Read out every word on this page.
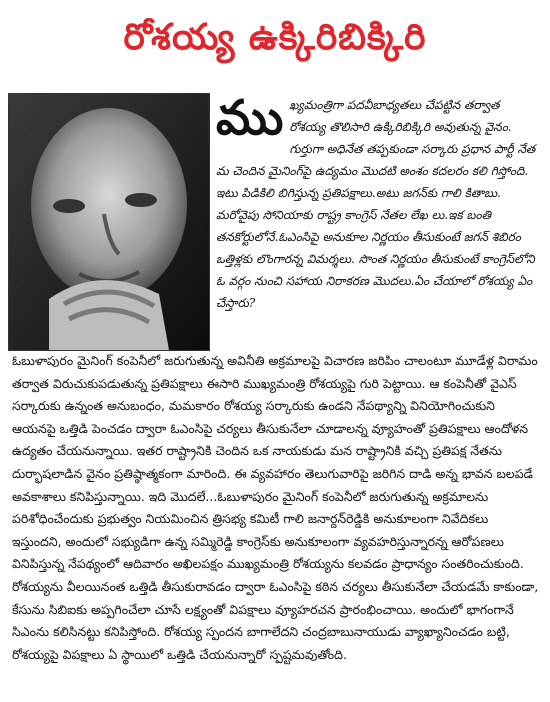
రోశయ్య ఉక్కిరిబిక్కిరి
ము ఖ్యమంత్రిగా పదవీబాధ్యతలు చేపట్టిన తర్వాత రోశయ్య తొలిసారి ఉక్కిరిబిక్కిరి అవుతున్న వైనం. గుర్తుగా అధినేత తప్పకుండా సర్కారు ప్రధాన పార్టీ నేత మ చెందిన మైనింగ్‌పై ఉద్యమం మొదటి అంశం కదలరం కలి గిస్తోంది. ఇటు పిడికిలి బిగిస్తున్న ప్రతిపక్షాలు.అటు జగన్‌కు గాలి కితాబు. మరోవైపు సోనియాకు రాష్ట్ర కాంగ్రెస్ నేతల లేఖ లు.ఇక బంతి తనకోర్టులోనే.ఓఎంసిపై అనుకూల నిర్ణయం తీసుకుంటే జగన్ శిబిరం ఒత్తిళ్లకు లొంగారన్న విమర్శలు. సొంత నిర్ణయం తీసుకుంటే కాంగ్రెస్‌లోని ఓ వర్గం నుంచి సహాయ నిరాకరణ మొదలు.ఏం చేయాలో రోశయ్య ఏం చేస్తారు?

ఓబుళాపురం మైనింగ్ కంపెనీలో జరుగుతున్న అవినీతి అక్రమాలపై విచారణ జరిపిం చాలంటూ మూడేళ్ల విరామం తర్వాత విరుచుకుపడుతున్న ప్రతిపక్షాలు ఈసారి ముఖ్యమంత్రి రోశయ్యపై గురి పెట్టాయి. ఆ కంపెనీతో వైఎస్ సర్కారుకు ఉన్నంత అనుబంధం, మమకారం రోశయ్య సర్కారుకు ఉండని నేపథ్యాన్ని వినియోగించుకుని ఆయనపై ఒత్తిడి పెంచడం ద్వారా ఓఎంసిపై చర్యలు తీసుకునేలా చూడాలన్న వ్యూహంతో ప్రతిపక్షాలు ఆందోళన ఉద్యతం చేయనున్నాయి. ఇతర రాష్ట్రానికి చెందిన ఒక నాయకుడు మన రాష్ట్రానికి వచ్చి ప్రతిపక్ష నేతను దుర్భాషలాడిన వైనం ప్రతిష్ఠాత్మకంగా మారింది. ఈ వ్యవహారం తెలుగువారిపై జరిగిన దాడి అన్న భావన బలపడే అవకాశాలు కనిపిస్తున్నాయి. ఇది మొదలే...ఓబుళాపురం మైనింగ్ కంపెనీలో జరుగుతున్న అక్రమాలను పరిశోధించేందుకు ప్రభుత్వం నియమించిన త్రిసభ్య కమిటీ గాలి జనార్దన్‌రెడ్డికి అనుకూలంగా నివేదికలు ఇస్తుందని, అందులో సభ్యుడిగా ఉన్న సమ్మిరెడ్డి కాంగ్రెస్‌కు అనుకూలంగా వ్యవహరిస్తున్నారన్న ఆరోపణలు వినిపిస్తున్న నేపథ్యంలో ఆదివారం అఖిలపక్షం ముఖ్యమంత్రి రోశయ్యను కలవడం ప్రాధాన్యం సంతరించుకుంది. రోశయ్యను వీలయినంత ఒత్తిడి తీసుకురావడం ద్వారా ఓఎంసిపై కఠిన చర్యలు తీసుకునేలా చేయడమే కాకుండా, కేసును సిబిఐకు అప్పగించేలా చూసే లక్ష్యంతో విపక్షాలు వ్యూహరచన ప్రారంభించాయి. అందులో భాగంగానే సిఎంను కలిసినట్టు కనిపిస్తోంది. రోశయ్య స్పందన బాగాలేదని చంద్రబాబునాయుడు వ్యాఖ్యానించడం బట్టి, రోశయ్యపై విపక్షాలు ఏ స్థాయిలో ఒత్తిడి చేయనున్నారో స్పష్టమవుతోంది.
